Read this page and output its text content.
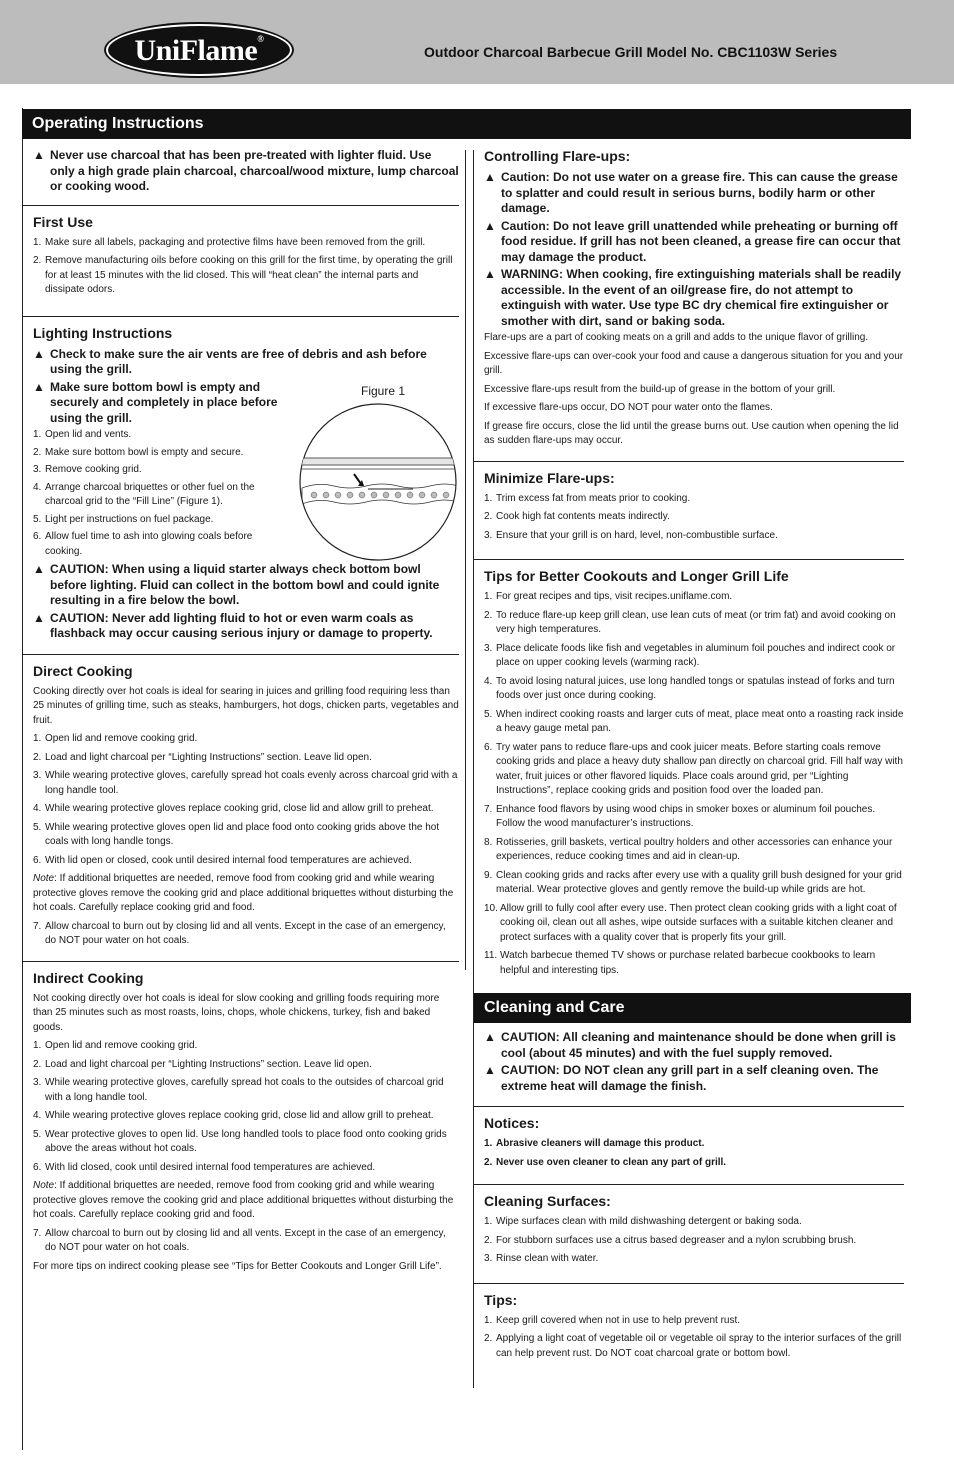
UniFlame®
Outdoor Charcoal Barbecue Grill Model No. CBC1103W Series
Operating Instructions
▲ Never use charcoal that has been pre-treated with lighter fluid. Use only a high grade plain charcoal, charcoal/wood mixture, lump charcoal or cooking wood.
First Use
1. Make sure all labels, packaging and protective films have been removed from the grill.
2. Remove manufacturing oils before cooking on this grill for the first time, by operating the grill for at least 15 minutes with the lid closed. This will “heat clean” the internal parts and dissipate odors.
Lighting Instructions
▲ Check to make sure the air vents are free of debris and ash before using the grill.
▲ Make sure bottom bowl is empty and securely and completely in place before using the grill.
1. Open lid and vents.
2. Make sure bottom bowl is empty and secure.
3. Remove cooking grid.
4. Arrange charcoal briquettes or other fuel on the charcoal grid to the “Fill Line” (Figure 1).
5. Light per instructions on fuel package.
6. Allow fuel time to ash into glowing coals before cooking.
▲ CAUTION: When using a liquid starter always check bottom bowl before lighting. Fluid can collect in the bottom bowl and could ignite resulting in a fire below the bowl.
▲ CAUTION: Never add lighting fluid to hot or even warm coals as flashback may occur causing serious injury or damage to property.
Direct Cooking

Cooking directly over hot coals is ideal for searing in juices and grilling food requiring less than 25 minutes of grilling time, such as steaks, hamburgers, hot dogs, chicken parts, vegetables and fruit.

1. Open lid and remove cooking grid.
2. Load and light charcoal per “Lighting Instructions” section. Leave lid open.
3. While wearing protective gloves, carefully spread hot coals evenly across charcoal grid with a long handle tool.
4. While wearing protective gloves replace cooking grid, close lid and allow grill to preheat.
5. While wearing protective gloves open lid and place food onto cooking grids above the hot coals with long handle tongs.
6. With lid open or closed, cook until desired internal food temperatures are achieved.

Note: If additional briquettes are needed, remove food from cooking grid and while wearing protective gloves remove the cooking grid and place additional briquettes without disturbing the hot coals. Carefully replace cooking grid and food.

7. Allow charcoal to burn out by closing lid and all vents. Except in the case of an emergency, do NOT pour water on hot coals.
Indirect Cooking

Not cooking directly over hot coals is ideal for slow cooking and grilling foods requiring more than 25 minutes such as most roasts, loins, chops, whole chickens, turkey, fish and baked goods.

1. Open lid and remove cooking grid.
2. Load and light charcoal per “Lighting Instructions” section. Leave lid open.
3. While wearing protective gloves, carefully spread hot coals to the outsides of charcoal grid with a long handle tool.
4. While wearing protective gloves replace cooking grid, close lid and allow grill to preheat.
5. Wear protective gloves to open lid. Use long handled tools to place food onto cooking grids above the areas without hot coals.
6. With lid closed, cook until desired internal food temperatures are achieved.

Note: If additional briquettes are needed, remove food from cooking grid and while wearing protective gloves remove the cooking grid and place additional briquettes without disturbing the hot coals. Carefully replace cooking grid and food.

7. Allow charcoal to burn out by closing lid and all vents. Except in the case of an emergency, do NOT pour water on hot coals.

For more tips on indirect cooking please see “Tips for Better Cookouts and Longer Grill Life”.

Figure 1
Controlling Flare-ups:
▲ Caution: Do not use water on a grease fire. This can cause the grease to splatter and could result in serious burns, bodily harm or other damage.
▲ Caution: Do not leave grill unattended while preheating or burning off food residue. If grill has not been cleaned, a grease fire can occur that may damage the product.
▲ WARNING: When cooking, fire extinguishing materials shall be readily accessible. In the event of an oil/grease fire, do not attempt to extinguish with water. Use type BC dry chemical fire extinguisher or smother with dirt, sand or baking soda.

Flare-ups are a part of cooking meats on a grill and adds to the unique flavor of grilling.

Excessive flare-ups can over-cook your food and cause a dangerous situation for you and your grill.

Excessive flare-ups result from the build-up of grease in the bottom of your grill.

If excessive flare-ups occur, DO NOT pour water onto the flames.

If grease fire occurs, close the lid until the grease burns out. Use caution when opening the lid as sudden flare-ups may occur.

Minimize Flare-ups:
1. Trim excess fat from meats prior to cooking.
2. Cook high fat contents meats indirectly.
3. Ensure that your grill is on hard, level, non-combustible surface.
Tips for Better Cookouts and Longer Grill Life
1. For great recipes and tips, visit recipes.uniflame.com.
2. To reduce flare-up keep grill clean, use lean cuts of meat (or trim fat) and avoid cooking on very high temperatures.
3. Place delicate foods like fish and vegetables in aluminum foil pouches and indirect cook or place on upper cooking levels (warming rack).
4. To avoid losing natural juices, use long handled tongs or spatulas instead of forks and turn foods over just once during cooking.
5. When indirect cooking roasts and larger cuts of meat, place meat onto a roasting rack inside a heavy gauge metal pan.
6. Try water pans to reduce flare-ups and cook juicer meats. Before starting coals remove cooking grids and place a heavy duty shallow pan directly on charcoal grid. Fill half way with water, fruit juices or other flavored liquids. Place coals around grid, per “Lighting Instructions”, replace cooking grids and position food over the loaded pan.
7. Enhance food flavors by using wood chips in smoker boxes or aluminum foil pouches. Follow the wood manufacturer’s instructions.
8. Rotisseries, grill baskets, vertical poultry holders and other accessories can enhance your experiences, reduce cooking times and aid in clean-up.
9. Clean cooking grids and racks after every use with a quality grill bush designed for your grid material. Wear protective gloves and gently remove the build-up while grids are hot.
10. Allow grill to fully cool after every use. Then protect clean cooking grids with a light coat of cooking oil, clean out all ashes, wipe outside surfaces with a suitable kitchen cleaner and protect surfaces with a quality cover that is properly fits your grill.
11. Watch barbecue themed TV shows or purchase related barbecue cookbooks to learn helpful and interesting tips.
Cleaning and Care
▲ CAUTION: All cleaning and maintenance should be done when grill is cool (about 45 minutes) and with the fuel supply removed.
▲ CAUTION: DO NOT clean any grill part in a self cleaning oven. The extreme heat will damage the finish.
Notices:
1. Abrasive cleaners will damage this product.
2. Never use oven cleaner to clean any part of grill.
Cleaning Surfaces:
1. Wipe surfaces clean with mild dishwashing detergent or baking soda.
2. For stubborn surfaces use a citrus based degreaser and a nylon scrubbing brush.
3. Rinse clean with water.
Tips:
1. Keep grill covered when not in use to help prevent rust.
2. Applying a light coat of vegetable oil or vegetable oil spray to the interior surfaces of the grill can help prevent rust. Do NOT coat charcoal grate or bottom bowl.
